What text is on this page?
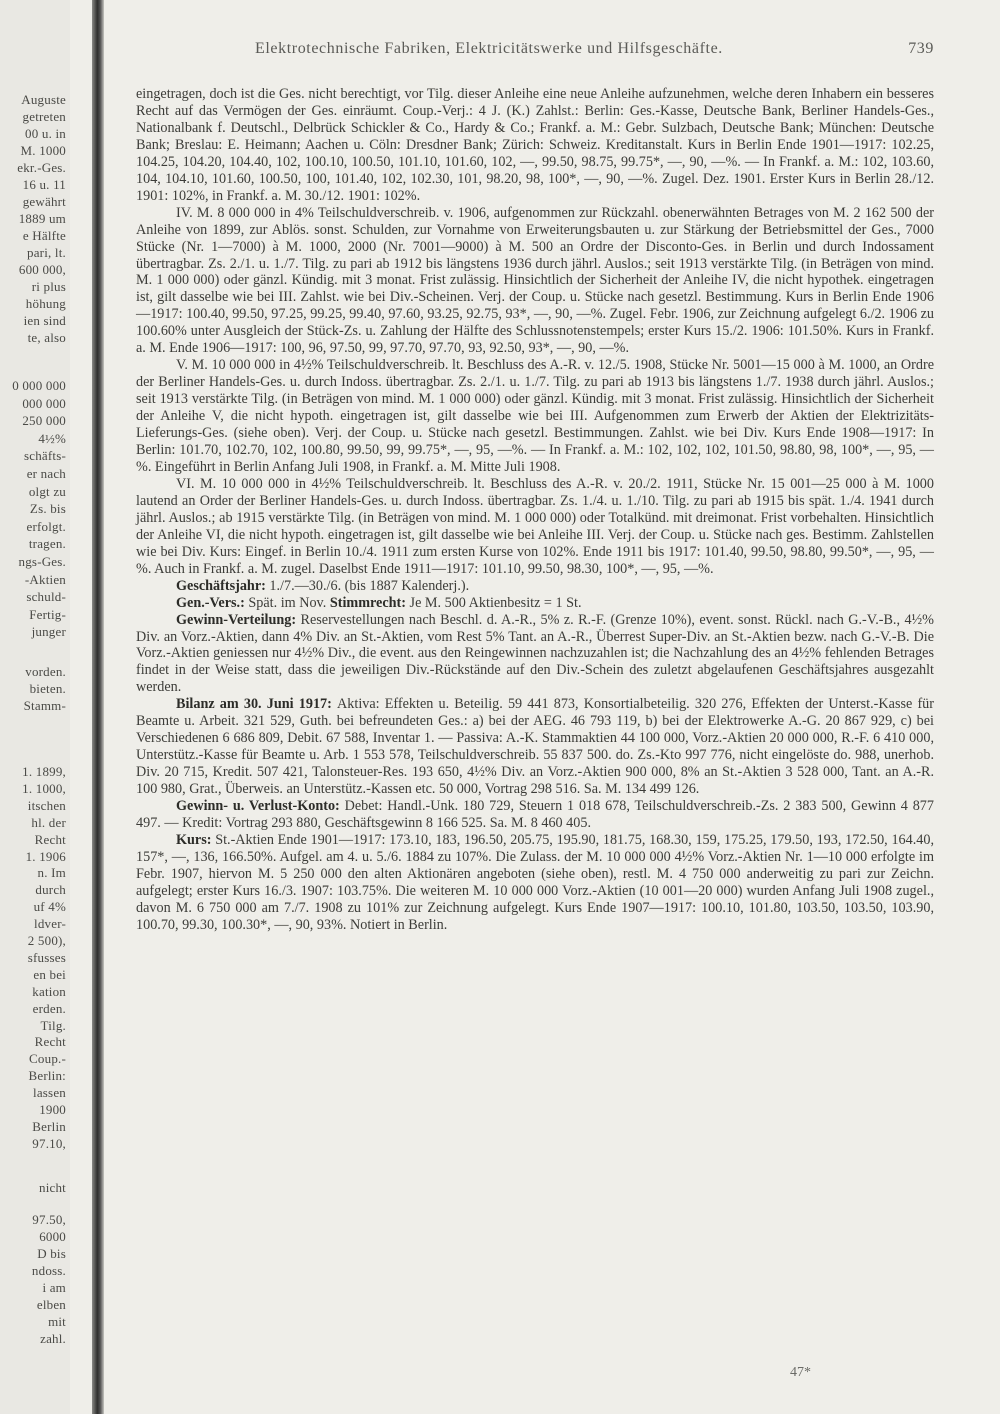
Auguste
getreten
00 u. in
M. 1000
ekr.-Ges.
16 u. 11
gewährt
1889 um
e Hälfte
pari, lt.
600 000,
ri plus
höhung
ien sind
te, also
0 000 000
000 000
250 000
4½%
schäfts-
er nach
olgt zu
Zs. bis
erfolgt.
tragen.
ngs-Ges.
-Aktien
schuld-
Fertig-
junger
vorden.
bieten.
Stamm-
1. 1899,
1. 1000,
itschen
hl. der
Recht
1. 1906
n. Im
durch
uf 4%
ldver-
2 500),
sfusses
en bei
kation
erden.
Tilg.
Recht
Coup.-
Berlin:
lassen
1900
Berlin
97.10,
97.50,
6000
D bis
ndoss.
i am
elben
mit
zahl.
nicht
Elektrotechnische Fabriken, Elektricitätswerke und Hilfsgeschäfte.	739

eingetragen, doch ist die Ges. nicht berechtigt, vor Tilg. dieser Anleihe eine neue Anleihe aufzunehmen, welche deren Inhabern ein besseres Recht auf das Vermögen der Ges. einräumt. Coup.-Verj.: 4 J. (K.) Zahlst.: Berlin: Ges.-Kasse, Deutsche Bank, Berliner Handels-Ges., Nationalbank f. Deutschl., Delbrück Schickler & Co., Hardy & Co.; Frankf. a. M.: Gebr. Sulzbach, Deutsche Bank; München: Deutsche Bank; Breslau: E. Heimann; Aachen u. Cöln: Dresdner Bank; Zürich: Schweiz. Kreditanstalt. Kurs in Berlin Ende 1901—1917: 102.25, 104.25, 104.20, 104.40, 102, 100.10, 100.50, 101.10, 101.60, 102, —, 99.50, 98.75, 99.75*, —, 90, —%. — In Frankf. a. M.: 102, 103.60, 104, 104.10, 101.60, 100.50, 100, 101.40, 102, 102.30, 101, 98.20, 98, 100*, —, 90, —%. Zugel. Dez. 1901. Erster Kurs in Berlin 28./12. 1901: 102%, in Frankf. a. M. 30./12. 1901: 102%.

IV. M. 8 000 000 in 4% Teilschuldverschreib. v. 1906, aufgenommen zur Rückzahl. obenerwähnten Betrages von M. 2 162 500 der Anleihe von 1899, zur Ablös. sonst. Schulden, zur Vornahme von Erweiterungsbauten u. zur Stärkung der Betriebsmittel der Ges., 7000 Stücke (Nr. 1—7000) à M. 1000, 2000 (Nr. 7001—9000) à M. 500 an Ordre der Disconto-Ges. in Berlin und durch Indossament übertragbar. Zs. 2./1. u. 1./7. Tilg. zu pari ab 1912 bis längstens 1936 durch jährl. Auslos.; seit 1913 verstärkte Tilg. (in Beträgen von mind. M. 1 000 000) oder gänzl. Kündig. mit 3 monat. Frist zulässig. Hinsichtlich der Sicherheit der Anleihe IV, die nicht hypothek. eingetragen ist, gilt dasselbe wie bei III. Zahlst. wie bei Div.-Scheinen. Verj. der Coup. u. Stücke nach gesetzl. Bestimmung. Kurs in Berlin Ende 1906—1917: 100.40, 99.50, 97.25, 99.25, 99.40, 97.60, 93.25, 92.75, 93*, —, 90, —%. Zugel. Febr. 1906, zur Zeichnung aufgelegt 6./2. 1906 zu 100.60% unter Ausgleich der Stück-Zs. u. Zahlung der Hälfte des Schlussnotenstempels; erster Kurs 15./2. 1906: 101.50%. Kurs in Frankf. a. M. Ende 1906—1917: 100, 96, 97.50, 99, 97.70, 97.70, 93, 92.50, 93*, —, 90, —%.

V. M. 10 000 000 in 4½% Teilschuldverschreib. lt. Beschluss des A.-R. v. 12./5. 1908, Stücke Nr. 5001—15 000 à M. 1000, an Ordre der Berliner Handels-Ges. u. durch Indoss. übertragbar. Zs. 2./1. u. 1./7. Tilg. zu pari ab 1913 bis längstens 1./7. 1938 durch jährl. Auslos.; seit 1913 verstärkte Tilg. (in Beträgen von mind. M. 1 000 000) oder gänzl. Kündig. mit 3 monat. Frist zulässig. Hinsichtlich der Sicherheit der Anleihe V, die nicht hypoth. eingetragen ist, gilt dasselbe wie bei III. Aufgenommen zum Erwerb der Aktien der Elektrizitäts-Lieferungs-Ges. (siehe oben). Verj. der Coup. u. Stücke nach gesetzl. Bestimmungen. Zahlst. wie bei Div. Kurs Ende 1908—1917: In Berlin: 101.70, 102.70, 102, 100.80, 99.50, 99, 99.75*, —, 95, —%. — In Frankf. a. M.: 102, 102, 102, 101.50, 98.80, 98, 100*, —, 95, —%. Eingeführt in Berlin Anfang Juli 1908, in Frankf. a. M. Mitte Juli 1908.

VI. M. 10 000 000 in 4½% Teilschuldverschreib. lt. Beschluss des A.-R. v. 20./2. 1911, Stücke Nr. 15 001—25 000 à M. 1000 lautend an Order der Berliner Handels-Ges. u. durch Indoss. übertragbar. Zs. 1./4. u. 1./10. Tilg. zu pari ab 1915 bis spät. 1./4. 1941 durch jährl. Auslos.; ab 1915 verstärkte Tilg. (in Beträgen von mind. M. 1 000 000) oder Totalkünd. mit dreimonat. Frist vorbehalten. Hinsichtlich der Anleihe VI, die nicht hypoth. eingetragen ist, gilt dasselbe wie bei Anleihe III. Verj. der Coup. u. Stücke nach ges. Bestimm. Zahlstellen wie bei Div. Kurs: Eingef. in Berlin 10./4. 1911 zum ersten Kurse von 102%. Ende 1911 bis 1917: 101.40, 99.50, 98.80, 99.50*, —, 95, —%. Auch in Frankf. a. M. zugel. Daselbst Ende 1911—1917: 101.10, 99.50, 98.30, 100*, —, 95, —%.

Geschäftsjahr: 1./7.—30./6. (bis 1887 Kalenderj.).

Gen.-Vers.: Spät. im Nov. Stimmrecht: Je M. 500 Aktienbesitz = 1 St.

Gewinn-Verteilung: Reservestellungen nach Beschl. d. A.-R., 5% z. R.-F. (Grenze 10%), event. sonst. Rückl. nach G.-V.-B., 4½% Div. an Vorz.-Aktien, dann 4% Div. an St.-Aktien, vom Rest 5% Tant. an A.-R., Überrest Super-Div. an St.-Aktien bezw. nach G.-V.-B. Die Vorz.-Aktien geniessen nur 4½% Div., die event. aus den Reingewinnen nachzuzahlen ist; die Nachzahlung des an 4½% fehlenden Betrages findet in der Weise statt, dass die jeweiligen Div.-Rückstände auf den Div.-Schein des zuletzt abgelaufenen Geschäftsjahres ausgezahlt werden.

Bilanz am 30. Juni 1917: Aktiva: Effekten u. Beteilig. 59 441 873, Konsortialbeteilig. 320 276, Effekten der Unterst.-Kasse für Beamte u. Arbeit. 321 529, Guth. bei befreundeten Ges.: a) bei der AEG. 46 793 119, b) bei der Elektrowerke A.-G. 20 867 929, c) bei Verschiedenen 6 686 809, Debit. 67 588, Inventar 1. — Passiva: A.-K. Stammaktien 44 100 000, Vorz.-Aktien 20 000 000, R.-F. 6 410 000, Unterstütz.-Kasse für Beamte u. Arb. 1 553 578, Teilschuldverschreib. 55 837 500. do. Zs.-Kto 997 776, nicht eingelöste do. 988, unerhob. Div. 20 715, Kredit. 507 421, Talonsteuer-Res. 193 650, 4½% Div. an Vorz.-Aktien 900 000, 8% an St.-Aktien 3 528 000, Tant. an A.-R. 100 980, Grat., Überweis. an Unterstütz.-Kassen etc. 50 000, Vortrag 298 516. Sa. M. 134 499 126.

Gewinn- u. Verlust-Konto: Debet: Handl.-Unk. 180 729, Steuern 1 018 678, Teilschuldverschreib.-Zs. 2 383 500, Gewinn 4 877 497. — Kredit: Vortrag 293 880, Geschäftsgewinn 8 166 525. Sa. M. 8 460 405.

Kurs: St.-Aktien Ende 1901—1917: 173.10, 183, 196.50, 205.75, 195.90, 181.75, 168.30, 159, 175.25, 179.50, 193, 172.50, 164.40, 157*, —, 136, 166.50%. Aufgel. am 4. u. 5./6. 1884 zu 107%. Die Zulass. der M. 10 000 000 4½% Vorz.-Aktien Nr. 1—10 000 erfolgte im Febr. 1907, hiervon M. 5 250 000 den alten Aktionären angeboten (siehe oben), restl. M. 4 750 000 anderweitig zu pari zur Zeichn. aufgelegt; erster Kurs 16./3. 1907: 103.75%. Die weiteren M. 10 000 000 Vorz.-Aktien (10 001—20 000) wurden Anfang Juli 1908 zugel., davon M. 6 750 000 am 7./7. 1908 zu 101% zur Zeichnung aufgelegt. Kurs Ende 1907—1917: 100.10, 101.80, 103.50, 103.50, 103.90, 100.70, 99.30, 100.30*, —, 90, 93%. Notiert in Berlin.

47*
